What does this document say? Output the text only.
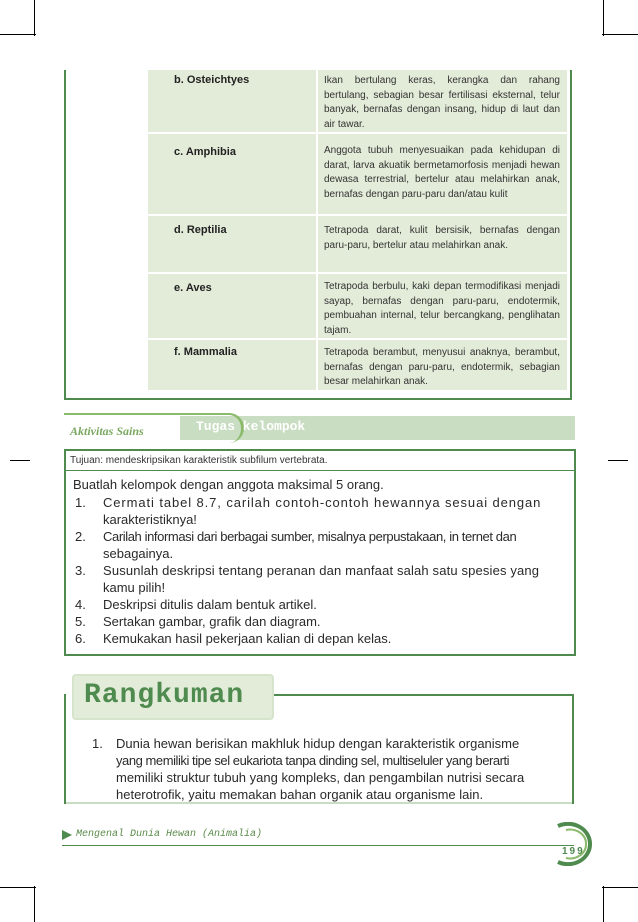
b. Osteichtyes	Ikan bertulang keras, kerangka dan rahang bertulang, sebagian besar fertilisasi eksternal, telur banyak, bernafas dengan insang, hidup di laut dan air tawar.
c. Amphibia	Anggota tubuh menyesuaikan pada kehidupan di darat, larva akuatik bermetamorfosis menjadi hewan dewasa terrestrial, bertelur atau melahirkan anak, bernafas dengan paru-paru dan/atau kulit
d. Reptilia	Tetrapoda darat, kulit bersisik, bernafas dengan paru-paru, bertelur atau melahirkan anak.
e. Aves	Tetrapoda berbulu, kaki depan termodifikasi menjadi sayap, bernafas dengan paru-paru, endotermik, pembuahan internal, telur bercangkang, penglihatan tajam.
f. Mammalia	Tetrapoda berambut, menyusui anaknya, berambut, bernafas dengan paru-paru, endotermik, sebagian besar melahirkan anak.
Aktivitas Sains	Tugas kelompok
Tujuan: mendeskripsikan karakteristik subfilum vertebrata.
Buatlah kelompok dengan anggota maksimal 5 orang.
1. Cermati tabel 8.7, carilah contoh-contoh hewannya sesuai dengan
karakteristiknya!
2. Carilah informasi dari berbagai sumber, misalnya perpustakaan, in ternet dan
sebagainya.
3. Susunlah deskripsi tentang peranan dan manfaat salah satu spesies yang
kamu pilih!
4. Deskripsi ditulis dalam bentuk artikel.
5. Sertakan gambar, grafik dan diagram.
6. Kemukakan hasil pekerjaan kalian di depan kelas.
Rangkuman
1. Dunia hewan berisikan makhluk hidup dengan karakteristik organisme
yang memiliki tipe sel eukariota tanpa dinding sel, multiseluler yang berarti
memiliki struktur tubuh yang kompleks, dan pengambilan nutrisi secara
heterotrofik, yaitu memakan bahan organik atau organisme lain.
Mengenal Dunia Hewan (Animalia)
199
